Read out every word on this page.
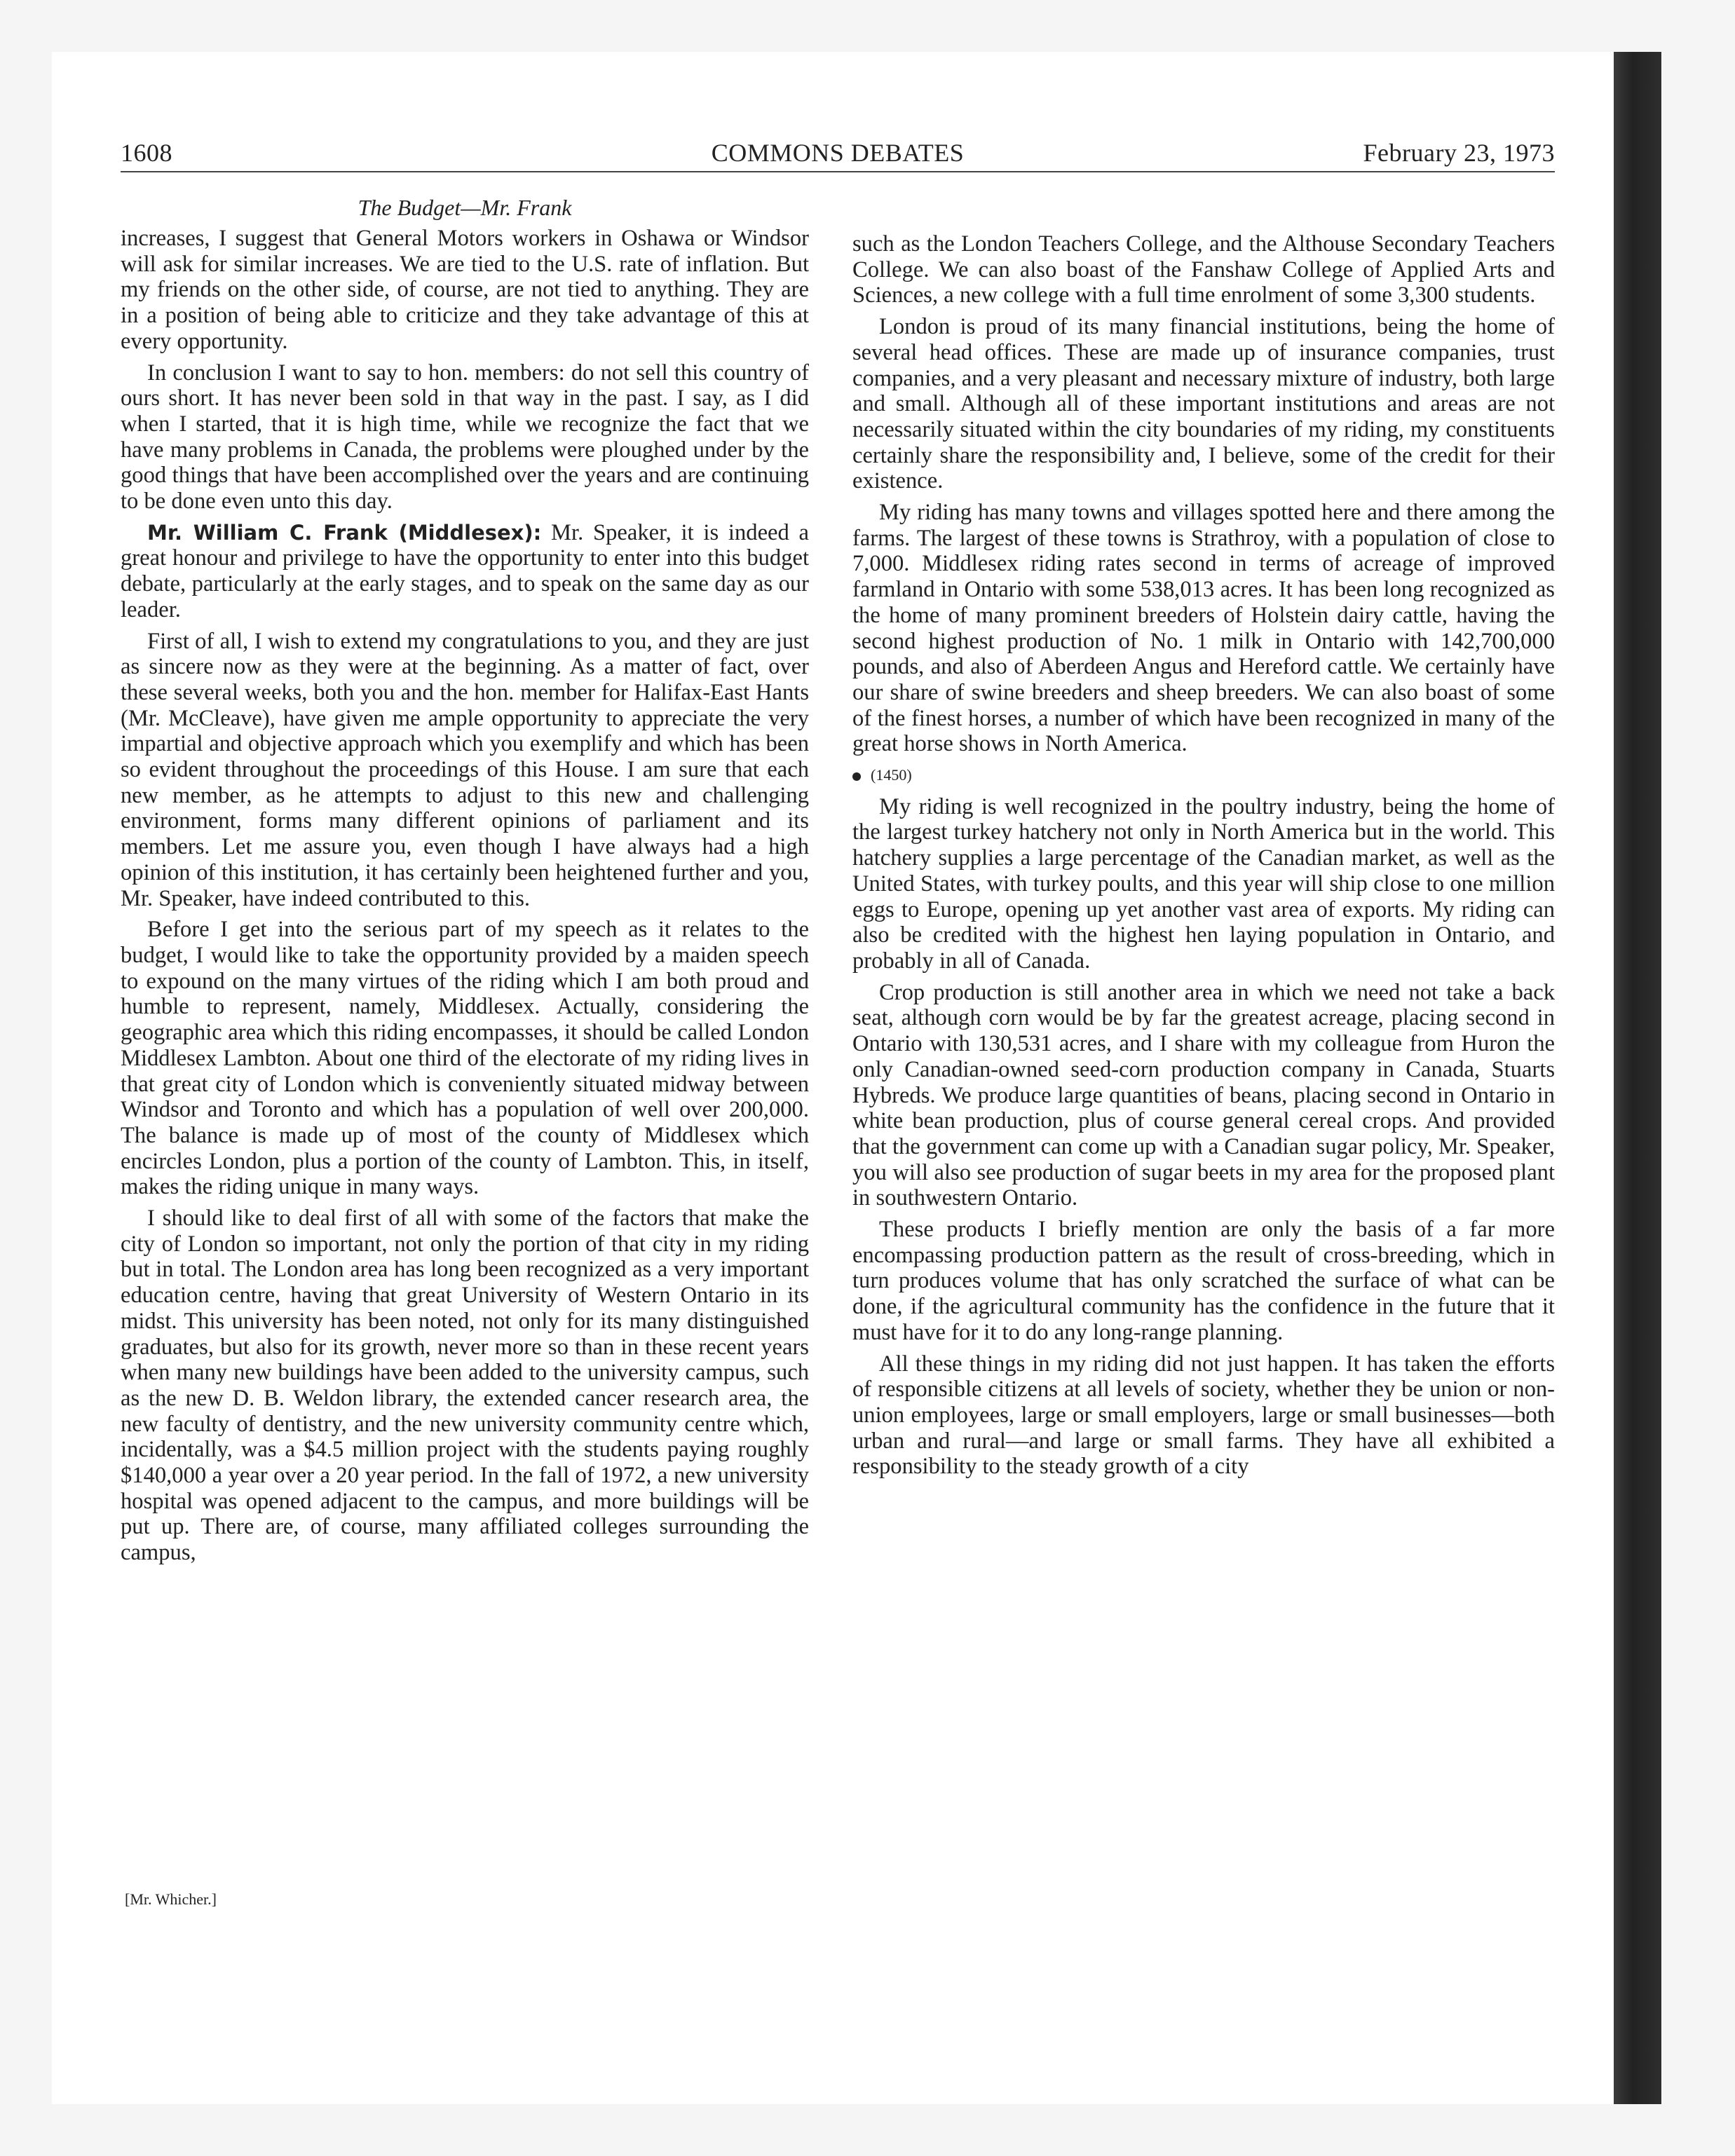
1608	COMMONS DEBATES	February 23, 1973
The Budget—Mr. Frank

increases, I suggest that General Motors workers in Oshawa or Windsor will ask for similar increases. We are tied to the U.S. rate of inflation. But my friends on the other side, of course, are not tied to anything. They are in a position of being able to criticize and they take advantage of this at every opportunity.

In conclusion I want to say to hon. members: do not sell this country of ours short. It has never been sold in that way in the past. I say, as I did when I started, that it is high time, while we recognize the fact that we have many problems in Canada, the problems were ploughed under by the good things that have been accomplished over the years and are continuing to be done even unto this day.

Mr. William C. Frank (Middlesex): Mr. Speaker, it is indeed a great honour and privilege to have the opportunity to enter into this budget debate, particularly at the early stages, and to speak on the same day as our leader.

First of all, I wish to extend my congratulations to you, and they are just as sincere now as they were at the beginning. As a matter of fact, over these several weeks, both you and the hon. member for Halifax-East Hants (Mr. McCleave), have given me ample opportunity to appreciate the very impartial and objective approach which you exemplify and which has been so evident throughout the proceedings of this House. I am sure that each new member, as he attempts to adjust to this new and challenging environment, forms many different opinions of parliament and its members. Let me assure you, even though I have always had a high opinion of this institution, it has certainly been heightened further and you, Mr. Speaker, have indeed contributed to this.

Before I get into the serious part of my speech as it relates to the budget, I would like to take the opportunity provided by a maiden speech to expound on the many virtues of the riding which I am both proud and humble to represent, namely, Middlesex. Actually, considering the geographic area which this riding encompasses, it should be called London Middlesex Lambton. About one third of the electorate of my riding lives in that great city of London which is conveniently situated midway between Windsor and Toronto and which has a population of well over 200,000. The balance is made up of most of the county of Middlesex which encircles London, plus a portion of the county of Lambton. This, in itself, makes the riding unique in many ways.

I should like to deal first of all with some of the factors that make the city of London so important, not only the portion of that city in my riding but in total. The London area has long been recognized as a very important education centre, having that great University of Western Ontario in its midst. This university has been noted, not only for its many distinguished graduates, but also for its growth, never more so than in these recent years when many new buildings have been added to the university campus, such as the new D. B. Weldon library, the extended cancer research area, the new faculty of dentistry, and the new university community centre which, incidentally, was a $4.5 million project with the students paying roughly $140,000 a year over a 20 year period. In the fall of 1972, a new university hospital was opened adjacent to the campus, and more buildings will be put up. There are, of course, many affiliated colleges surrounding the campus,

[Mr. Whicher.]

such as the London Teachers College, and the Althouse Secondary Teachers College. We can also boast of the Fanshaw College of Applied Arts and Sciences, a new college with a full time enrolment of some 3,300 students.

London is proud of its many financial institutions, being the home of several head offices. These are made up of insurance companies, trust companies, and a very pleasant and necessary mixture of industry, both large and small. Although all of these important institutions and areas are not necessarily situated within the city boundaries of my riding, my constituents certainly share the responsibility and, I believe, some of the credit for their existence.

My riding has many towns and villages spotted here and there among the farms. The largest of these towns is Strathroy, with a population of close to 7,000. Middlesex riding rates second in terms of acreage of improved farmland in Ontario with some 538,013 acres. It has been long recognized as the home of many prominent breeders of Holstein dairy cattle, having the second highest production of No. 1 milk in Ontario with 142,700,000 pounds, and also of Aberdeen Angus and Hereford cattle. We certainly have our share of swine breeders and sheep breeders. We can also boast of some of the finest horses, a number of which have been recognized in many of the great horse shows in North America.

(1450)

My riding is well recognized in the poultry industry, being the home of the largest turkey hatchery not only in North America but in the world. This hatchery supplies a large percentage of the Canadian market, as well as the United States, with turkey poults, and this year will ship close to one million eggs to Europe, opening up yet another vast area of exports. My riding can also be credited with the highest hen laying population in Ontario, and probably in all of Canada.

Crop production is still another area in which we need not take a back seat, although corn would be by far the greatest acreage, placing second in Ontario with 130,531 acres, and I share with my colleague from Huron the only Canadian-owned seed-corn production company in Canada, Stuarts Hybreds. We produce large quantities of beans, placing second in Ontario in white bean production, plus of course general cereal crops. And provided that the government can come up with a Canadian sugar policy, Mr. Speaker, you will also see production of sugar beets in my area for the proposed plant in southwestern Ontario.

These products I briefly mention are only the basis of a far more encompassing production pattern as the result of cross-breeding, which in turn produces volume that has only scratched the surface of what can be done, if the agricultural community has the confidence in the future that it must have for it to do any long-range planning.

All these things in my riding did not just happen. It has taken the efforts of responsible citizens at all levels of society, whether they be union or non-union employees, large or small employers, large or small businesses—both urban and rural—and large or small farms. They have all exhibited a responsibility to the steady growth of a city
